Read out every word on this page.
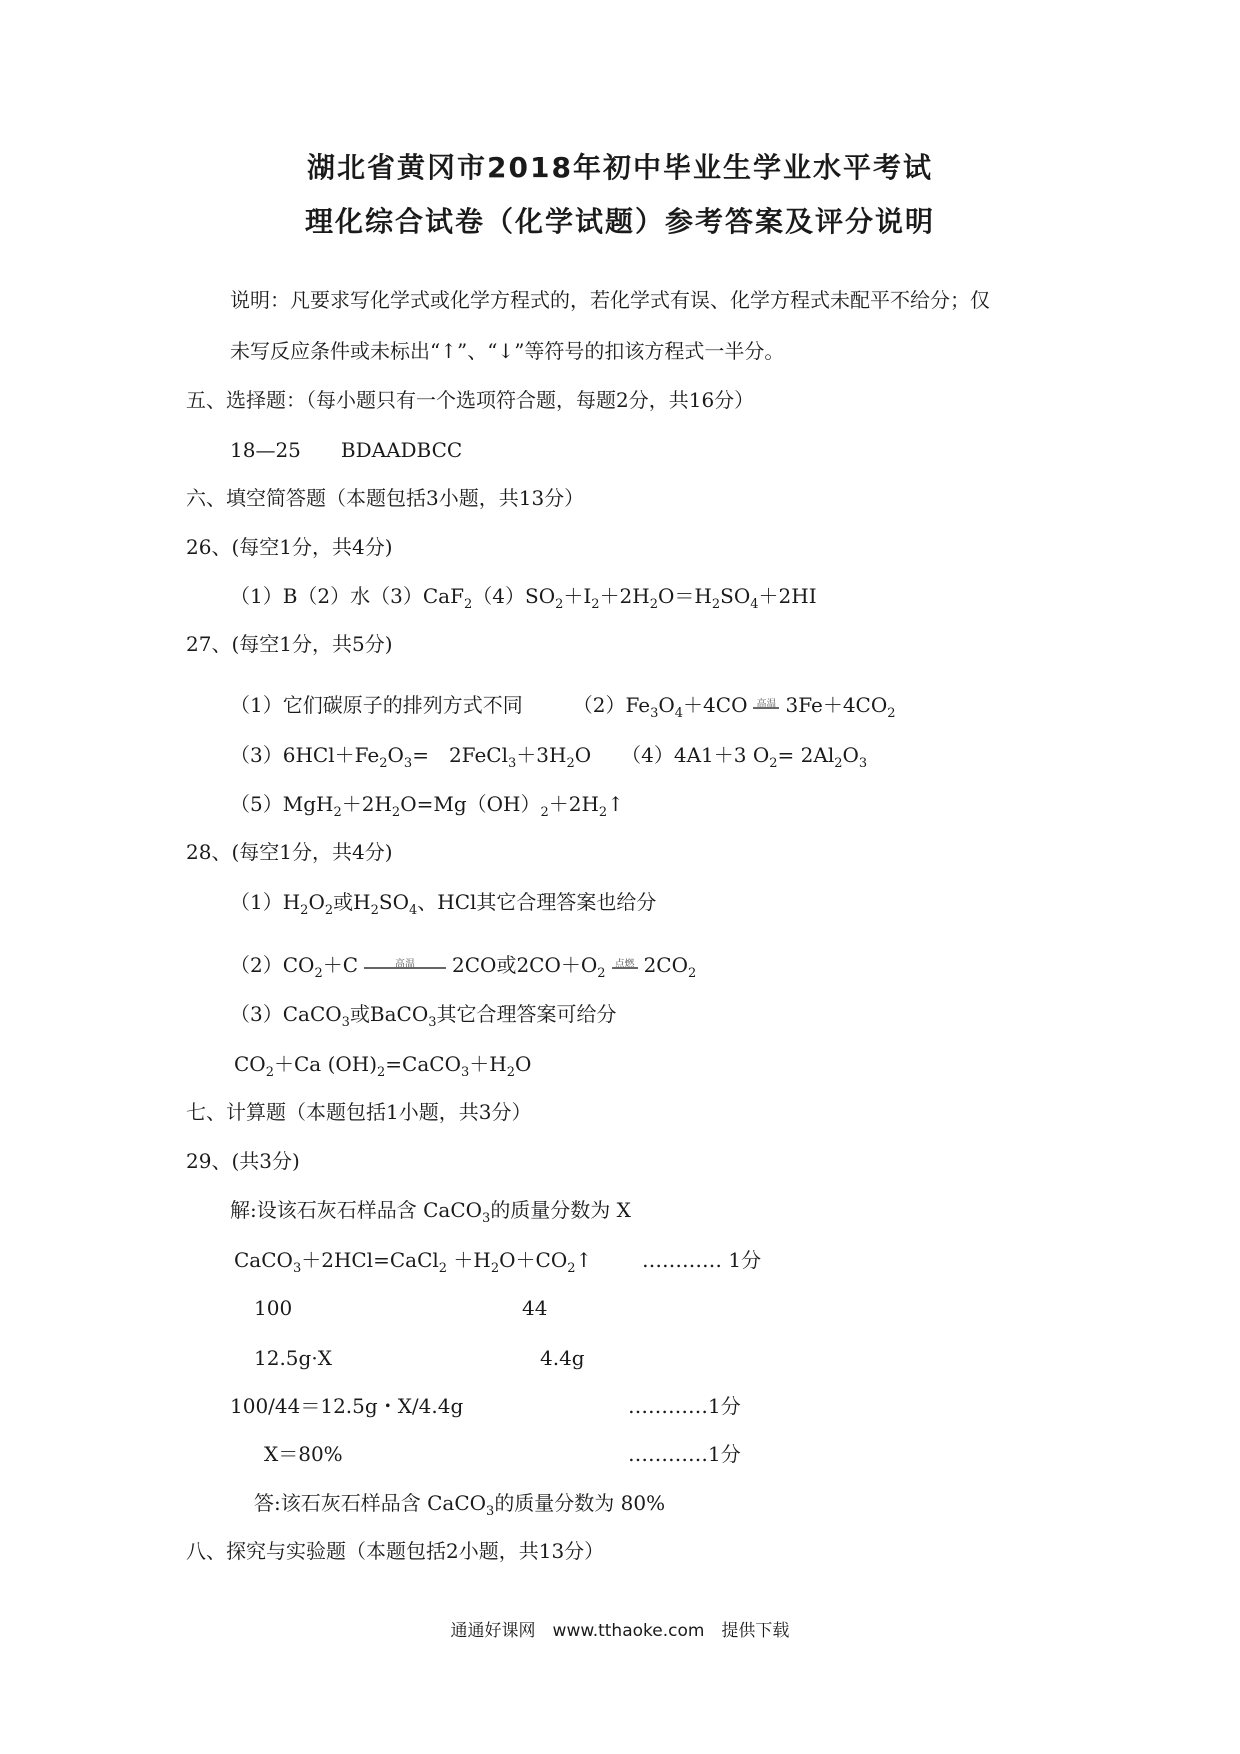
湖北省黄冈市2018年初中毕业生学业水平考试
理化综合试卷（化学试题）参考答案及评分说明
说明：凡要求写化学式或化学方程式的，若化学式有误、化学方程式未配平不给分；仅
未写反应条件或未标出“↑”、“↓”等符号的扣该方程式一半分。
五、选择题：（每小题只有一个选项符合题，每题2分，共16分）
18—25　　BDAADBCC
六、填空简答题（本题包括3小题，共13分）
26、(每空1分，共4分)
（1）B（2）水$(3)CaF_2(4)SO_2+I_2+2H_2O=H_2SO_4+2HI$
27、(每空1分，共5分)
（1）它们碳原子的排列方式不同　　　	$(2)Fe_3O_4+4CO$ 高温 $3Fe+4CO_2$
$(3)6HCl+Fe_2O_3=$　$2FeCl_3+3H_2O$　　 （4）4A1＋3 $O_2= 2Al_2O_3$
$(5)MgH_2+2H_2O=Mg(OH)_2+2H_2↑$
28、(每空1分，共4分)
$(1)H_2O_2$或$H_2SO_4$、HCl其它合理答案也给分
$(2)CO_2+C$	高温	2CO或$2CO+O_2$
点燃 $2CO_2$
（3）CaCO$_3$或BaCO$_3$其它合理答案可给分
$CO_2+Ca$ $(OH)_2=CaCO_3+H_2O$
七、计算题（本题包括1小题，共3分）
29、(共3分)
解:设该石灰石样品含 CaCO$_3$的质量分数为 X
CaCO$_3$＋2HCl=CaCl$_2$ $+H_2O+CO_2↑$ ………… 1分
100	44
12.5g·X	4.4g
100/44＝12.5g・X/4.4g	…………1分
X＝80%	…………1分
答:该石灰石样品含 CaCO$_3$的质量分数为 80%
八、探究与实验题（本题包括2小题，共13分）
通通好课网　www.tthaoke.com　提供下载
